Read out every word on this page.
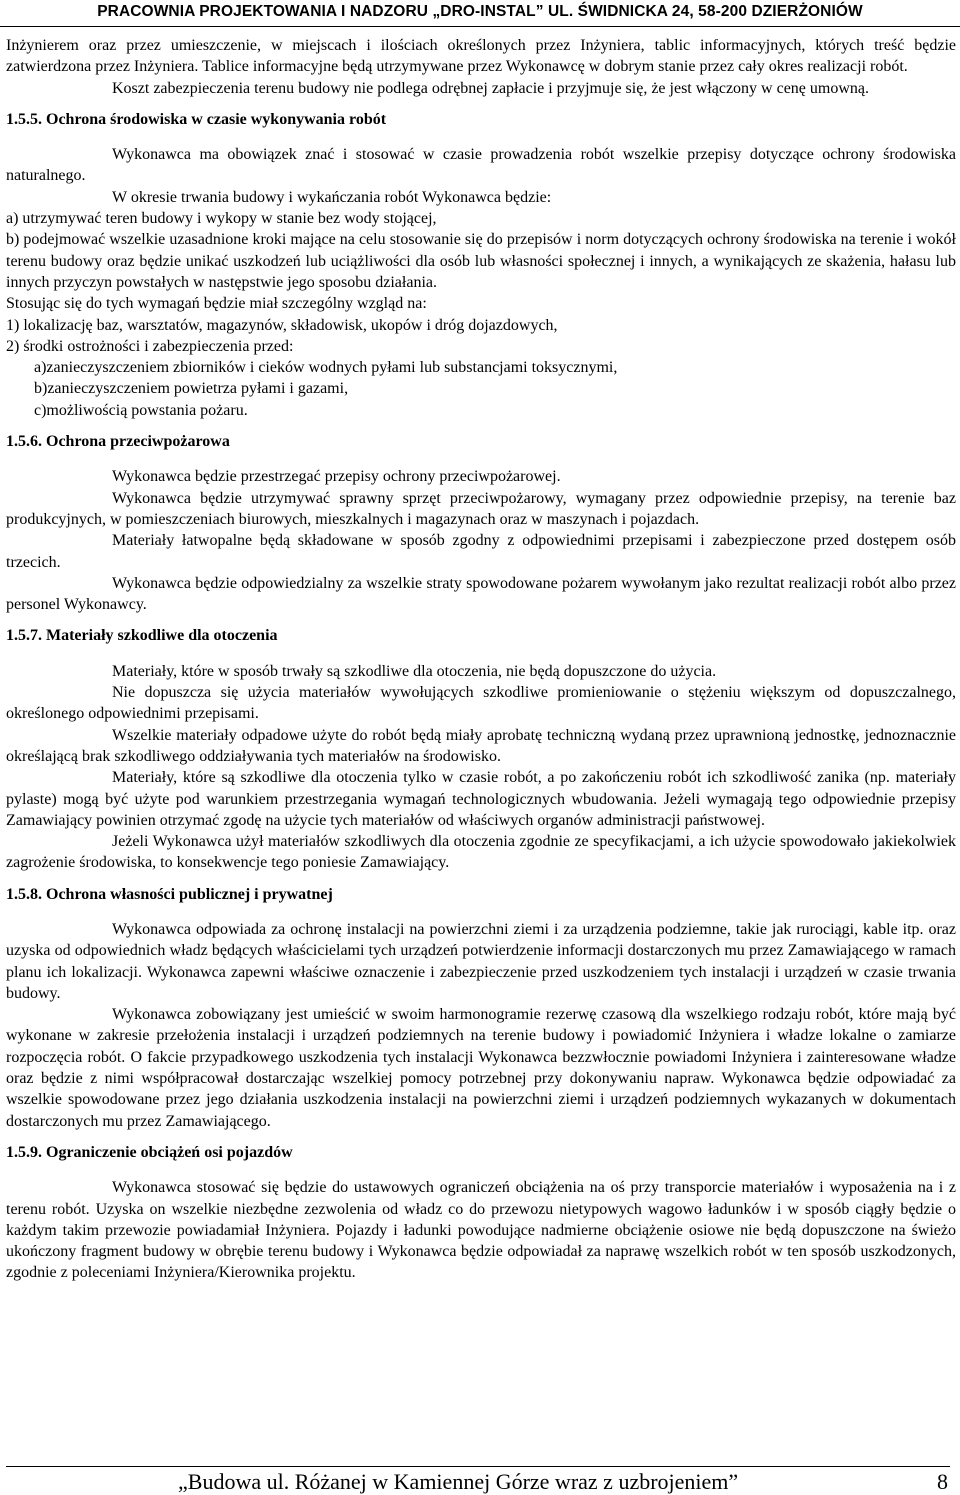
PRACOWNIA PROJEKTOWANIA I NADZORU „DRO-INSTAL” UL. ŚWIDNICKA 24, 58-200 DZIERŻONIÓW

Inżynierem oraz przez umieszczenie, w miejscach i ilościach określonych przez Inżyniera, tablic informacyjnych, których treść będzie zatwierdzona przez Inżyniera. Tablice informacyjne będą utrzymywane przez Wykonawcę w dobrym stanie przez cały okres realizacji robót.

Koszt zabezpieczenia terenu budowy nie podlega odrębnej zapłacie i przyjmuje się, że jest włączony w cenę umowną.

1.5.5. Ochrona środowiska w czasie wykonywania robót

Wykonawca ma obowiązek znać i stosować w czasie prowadzenia robót wszelkie przepisy dotyczące ochrony środowiska naturalnego.

W okresie trwania budowy i wykańczania robót Wykonawca będzie:

a) utrzymywać teren budowy i wykopy w stanie bez wody stojącej,

b) podejmować wszelkie uzasadnione kroki mające na celu stosowanie się do przepisów i norm dotyczących ochrony środowiska na terenie i wokół terenu budowy oraz będzie unikać uszkodzeń lub uciążliwości dla osób lub własności społecznej i innych, a wynikających ze skażenia, hałasu lub innych przyczyn powstałych w następstwie jego sposobu działania.

Stosując się do tych wymagań będzie miał szczególny wzgląd na:

1) lokalizację baz, warsztatów, magazynów, składowisk, ukopów i dróg dojazdowych,

2) środki ostrożności i zabezpieczenia przed:

a)zanieczyszczeniem zbiorników i cieków wodnych pyłami lub substancjami toksycznymi,

b)zanieczyszczeniem powietrza pyłami i gazami,

c)możliwością powstania pożaru.

1.5.6. Ochrona przeciwpożarowa

Wykonawca będzie przestrzegać przepisy ochrony przeciwpożarowej.

Wykonawca będzie utrzymywać sprawny sprzęt przeciwpożarowy, wymagany przez odpowiednie przepisy, na terenie baz produkcyjnych, w pomieszczeniach biurowych, mieszkalnych i magazynach oraz w maszynach i pojazdach.

Materiały łatwopalne będą składowane w sposób zgodny z odpowiednimi przepisami i zabezpieczone przed dostępem osób trzecich.

Wykonawca będzie odpowiedzialny za wszelkie straty spowodowane pożarem wywołanym jako rezultat realizacji robót albo przez personel Wykonawcy.

1.5.7. Materiały szkodliwe dla otoczenia

Materiały, które w sposób trwały są szkodliwe dla otoczenia, nie będą dopuszczone do użycia.

Nie dopuszcza się użycia materiałów wywołujących szkodliwe promieniowanie o stężeniu większym od dopuszczalnego, określonego odpowiednimi przepisami.

Wszelkie materiały odpadowe użyte do robót będą miały aprobatę techniczną wydaną przez uprawnioną jednostkę, jednoznacznie określającą brak szkodliwego oddziaływania tych materiałów na środowisko.

Materiały, które są szkodliwe dla otoczenia tylko w czasie robót, a po zakończeniu robót ich szkodliwość zanika (np. materiały pylaste) mogą być użyte pod warunkiem przestrzegania wymagań technologicznych wbudowania. Jeżeli wymagają tego odpowiednie przepisy Zamawiający powinien otrzymać zgodę na użycie tych materiałów od właściwych organów administracji państwowej.

Jeżeli Wykonawca użył materiałów szkodliwych dla otoczenia zgodnie ze specyfikacjami, a ich użycie spowodowało jakiekolwiek zagrożenie środowiska, to konsekwencje tego poniesie Zamawiający.

1.5.8. Ochrona własności publicznej i prywatnej

Wykonawca odpowiada za ochronę instalacji na powierzchni ziemi i za urządzenia podziemne, takie jak rurociągi, kable itp. oraz uzyska od odpowiednich władz będących właścicielami tych urządzeń potwierdzenie informacji dostarczonych mu przez Zamawiającego w ramach planu ich lokalizacji. Wykonawca zapewni właściwe oznaczenie i zabezpieczenie przed uszkodzeniem tych instalacji i urządzeń w czasie trwania budowy.

Wykonawca zobowiązany jest umieścić w swoim harmonogramie rezerwę czasową dla wszelkiego rodzaju robót, które mają być wykonane w zakresie przełożenia instalacji i urządzeń podziemnych na terenie budowy i powiadomić Inżyniera i władze lokalne o zamiarze rozpoczęcia robót. O fakcie przypadkowego uszkodzenia tych instalacji Wykonawca bezzwłocznie powiadomi Inżyniera i zainteresowane władze oraz będzie z nimi współpracował dostarczając wszelkiej pomocy potrzebnej przy dokonywaniu napraw. Wykonawca będzie odpowiadać za wszelkie spowodowane przez jego działania uszkodzenia instalacji na powierzchni ziemi i urządzeń podziemnych wykazanych w dokumentach dostarczonych mu przez Zamawiającego.

1.5.9. Ograniczenie obciążeń osi pojazdów

Wykonawca stosować się będzie do ustawowych ograniczeń obciążenia na oś przy transporcie materiałów i wyposażenia na i z terenu robót. Uzyska on wszelkie niezbędne zezwolenia od władz co do przewozu nietypowych wagowo ładunków i w sposób ciągły będzie o każdym takim przewozie powiadamiał Inżyniera. Pojazdy i ładunki powodujące nadmierne obciążenie osiowe nie będą dopuszczone na świeżo ukończony fragment budowy w obrębie terenu budowy i Wykonawca będzie odpowiadał za naprawę wszelkich robót w ten sposób uszkodzonych, zgodnie z poleceniami Inżyniera/Kierownika projektu.

„Budowa ul. Różanej w Kamiennej Górze wraz z uzbrojeniem”	8
